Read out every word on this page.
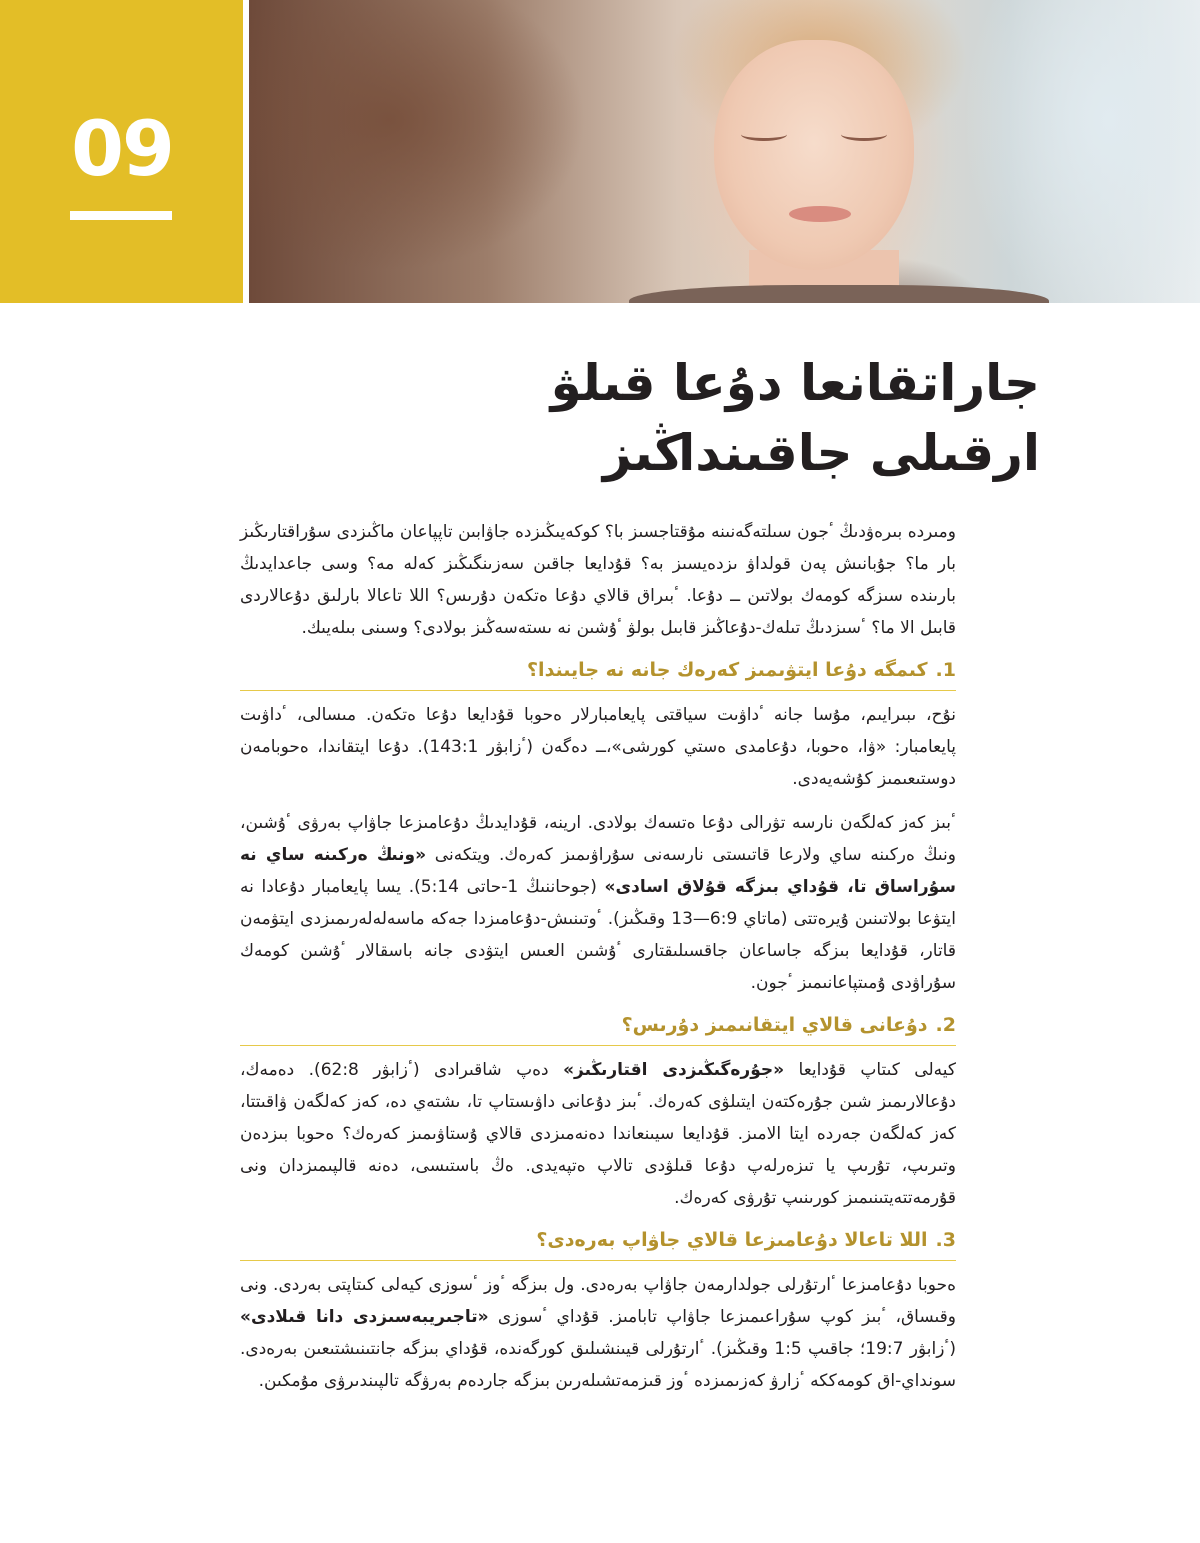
09
جاراتقانعا دۇعا قىلۋ
ارقىلى جاقىنداڭىز

ومىردە بىرەۋدىڭ ٴجون سىلتەگەنىنە مۇقتاجسىز با؟ كوكەيىڭىزدە جاۋابىن تاپپاعان ماڭىزدى سۇراقتارىڭىز بار ما؟ جۇبانىش پەن قولداۋ ىزدەيسىز بە؟ قۇدايعا جاقىن سەزىنگىڭىز كەلە مە؟ وسى جاعدايدىڭ بارىندە سىزگە كومەك بولاتىن ــ دۇعا. ٴبىراق قالاي دۇعا ەتكەن دۇرىس؟ اللا تاعالا بارلىق دۇعالاردى قابىل الا ما؟ ٴسىزدىڭ تىلەك-دۇعاڭىز قابىل بولۋ ٴۇشىن نە ىستەسەڭىز بولادى؟ وسىنى بىلەيىك.

1.
كىمگە دۇعا ايتۋىمىز كەرەك جانە نە جايىندا؟

نۇح، ىبىرايىم، مۇسا جانە ٴداۋىت سياقتى پايعامبارلار ەحوبا قۇدايعا دۇعا ەتكەن. مىسالى، ٴداۋىت پايعامبار: «ۋا، ەحوبا، دۇعامدى ەستي كورشى»،ــ دەگەن (ٴزابۋر 143:1). دۇعا ايتقاندا، ەحوبامەن دوستىعىمىز كۇشەيەدى.

ٴبىز كەز كەلگەن نارسە تۋرالى دۇعا ەتسەك بولادى. ارينە، قۇدايدىڭ دۇعامىزعا جاۋاپ بەرۋى ٴۇشىن، ونىڭ ەركىنە ساي ولارعا قاتىستى نارسەنى سۇراۋىمىز كەرەك. ويتكەنى «ونىڭ ەركىنە ساي نە سۇراساق تا، قۇداي بىزگە قۇلاق اسادى» (جوحاننىڭ 1-حاتى 5:14). يسا پايعامبار دۇعادا نە ايتۋعا بولاتىنىن ۇيرەتتى (ماتاي 6:9—13 وقىڭىز). ٴوتىنىش-دۇعامىزدا جەكە ماسەلەلەرىمىزدى ايتۋمەن قاتار، قۇدايعا بىزگە جاساعان جاقسىلىقتارى ٴۇشىن العىس ايتۋدى جانە باسقالار ٴۇشىن كومەك سۇراۋدى ۇمىتپاعانىمىز ٴجون.

2.
دۇعانى قالاي ايتقانىمىز دۇرىس؟

كيەلى كىتاپ قۇدايعا «جۇرەگىڭىزدى اقتارىڭىز» دەپ شاقىرادى (ٴزابۋر 62:8). دەمەك، دۇعالارىمىز شىن جۇرەكتەن ايتىلۋى كەرەك. ٴبىز دۇعانى داۋىستاپ تا، ىشتەي دە، كەز كەلگەن ۋاقىتتا، كەز كەلگەن جەردە ايتا الامىز. قۇدايعا سيىنعاندا دەنەمىزدى قالاي ۇستاۋىمىز كەرەك؟ ەحوبا بىزدەن وتىرىپ، تۇرىپ يا تىزەرلەپ دۇعا قىلۋدى تالاپ ەتپەيدى. ەڭ باستىسى، دەنە قالپىمىزدان ونى قۇرمەتتەيتىنىمىز كورىنىپ تۇرۋى كەرەك.

3.
اللا تاعالا دۇعامىزعا قالاي جاۋاپ بەرەدى؟

ەحوبا دۇعامىزعا ٴارتۇرلى جولدارمەن جاۋاپ بەرەدى. ول بىزگە ٴوز ٴسوزى كيەلى كىتاپتى بەردى. ونى وقىساق، ٴبىز كوپ سۇراعىمىزعا جاۋاپ تابامىز. قۇداي ٴسوزى «تاجىريبەسىزدى دانا قىلادى» (ٴزابۋر 19:7؛ جاقىپ 1:5 وقىڭىز). ٴارتۇرلى قيىنشىلىق كورگەندە، قۇداي بىزگە جانتىنىشتىعىن بەرەدى. سونداي-اق كومەككە ٴزارۋ كەزىمىزدە ٴوز قىزمەتشىلەرىن بىزگە جاردەم بەرۋگە تالپىندىرۋى مۇمكىن.
